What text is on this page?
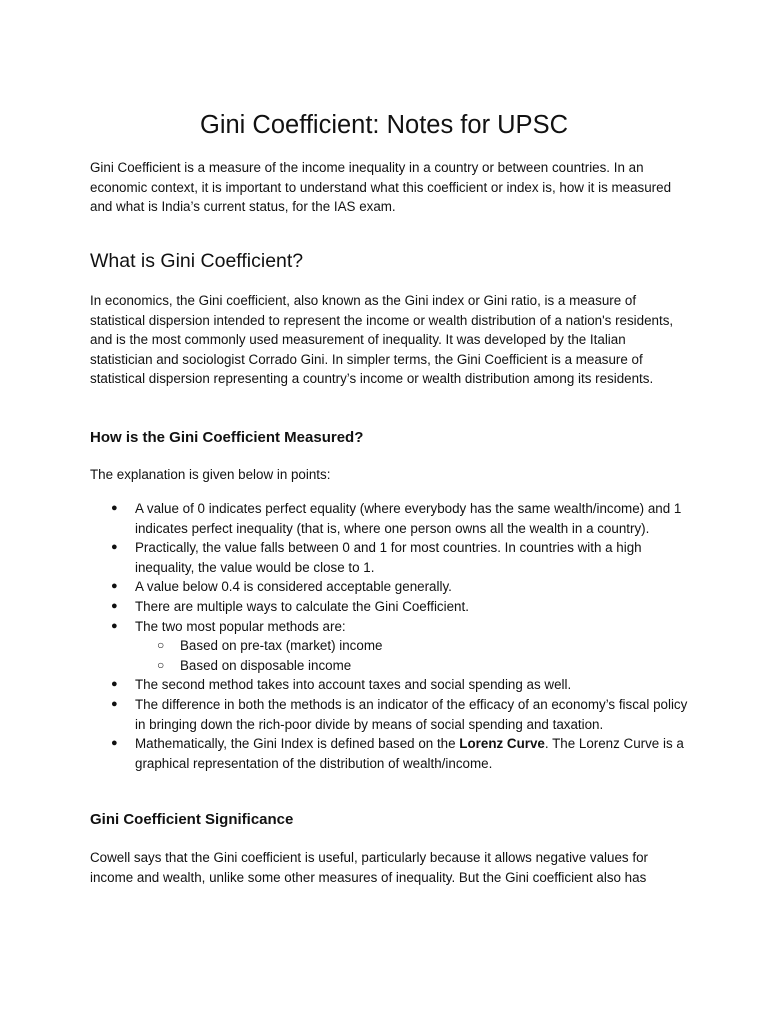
Gini Coefficient: Notes for UPSC

Gini Coefficient is a measure of the income inequality in a country or between countries. In an economic context, it is important to understand what this coefficient or index is, how it is measured and what is India’s current status, for the IAS exam.

What is Gini Coefficient?

In economics, the Gini coefficient, also known as the Gini index or Gini ratio, is a measure of statistical dispersion intended to represent the income or wealth distribution of a nation's residents, and is the most commonly used measurement of inequality. It was developed by the Italian statistician and sociologist Corrado Gini. In simpler terms, the Gini Coefficient is a measure of statistical dispersion representing a country’s income or wealth distribution among its residents.

How is the Gini Coefficient Measured?

The explanation is given below in points:

● A value of 0 indicates perfect equality (where everybody has the same wealth/income) and 1 indicates perfect inequality (that is, where one person owns all the wealth in a country).
● Practically, the value falls between 0 and 1 for most countries. In countries with a high inequality, the value would be close to 1.
● A value below 0.4 is considered acceptable generally.
● There are multiple ways to calculate the Gini Coefficient.
● The two most popular methods are:
○ Based on pre-tax (market) income
○ Based on disposable income
● The second method takes into account taxes and social spending as well.
● The difference in both the methods is an indicator of the efficacy of an economy’s fiscal policy in bringing down the rich-poor divide by means of social spending and taxation.
● Mathematically, the Gini Index is defined based on the Lorenz Curve. The Lorenz Curve is a graphical representation of the distribution of wealth/income.
Gini Coefficient Significance

Cowell says that the Gini coefficient is useful, particularly because it allows negative values for income and wealth, unlike some other measures of inequality. But the Gini coefficient also has
